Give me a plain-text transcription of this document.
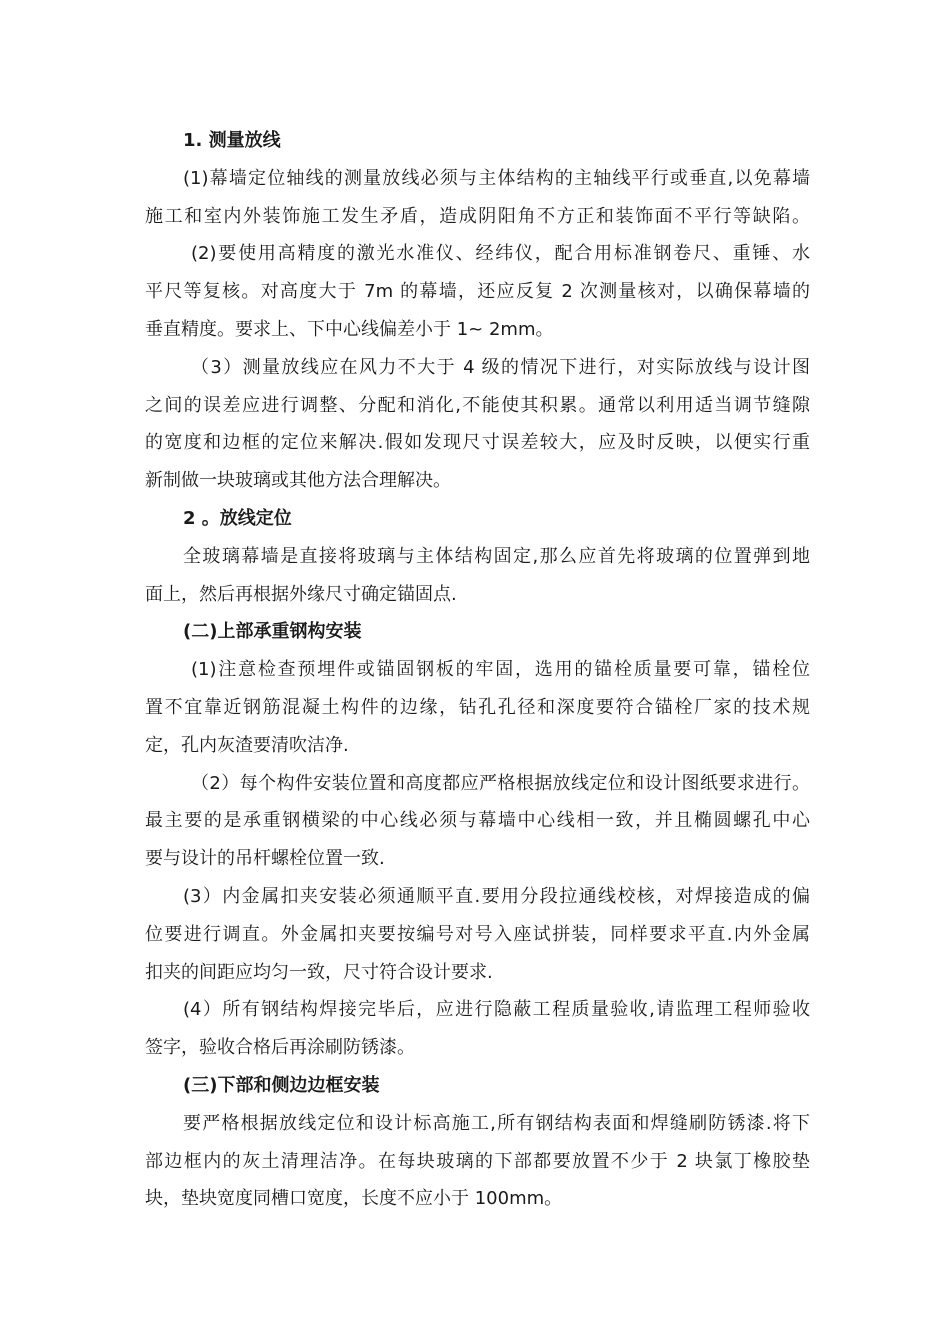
1. 测量放线
(1)幕墙定位轴线的测量放线必须与主体结构的主轴线平行或垂直,以免幕墙
施工和室内外装饰施工发生矛盾，造成阴阳角不方正和装饰面不平行等缺陷。
(2)要使用高精度的激光水准仪、经纬仪，配合用标准钢卷尺、重锤、水
平尺等复核。对高度大于 7m 的幕墙，还应反复 2 次测量核对，以确保幕墙的
垂直精度。要求上、下中心线偏差小于 1~ 2mm。
（3）测量放线应在风力不大于 4 级的情况下进行，对实际放线与设计图
之间的误差应进行调整、分配和消化,不能使其积累。通常以利用适当调节缝隙
的宽度和边框的定位来解决.假如发现尺寸误差较大，应及时反映，以便实行重
新制做一块玻璃或其他方法合理解决。
2 。放线定位
全玻璃幕墙是直接将玻璃与主体结构固定,那么应首先将玻璃的位置弹到地
面上，然后再根据外缘尺寸确定锚固点.
(二)上部承重钢构安装
(1)注意检查预埋件或锚固钢板的牢固，选用的锚栓质量要可靠，锚栓位
置不宜靠近钢筋混凝土构件的边缘，钻孔孔径和深度要符合锚栓厂家的技术规
定，孔内灰渣要清吹洁净.
（2）每个构件安装位置和高度都应严格根据放线定位和设计图纸要求进行。
最主要的是承重钢横梁的中心线必须与幕墙中心线相一致，并且椭圆螺孔中心
要与设计的吊杆螺栓位置一致.
(3）内金属扣夹安装必须通顺平直.要用分段拉通线校核，对焊接造成的偏
位要进行调直。外金属扣夹要按编号对号入座试拼装，同样要求平直.内外金属
扣夹的间距应均匀一致，尺寸符合设计要求.
(4）所有钢结构焊接完毕后，应进行隐蔽工程质量验收,请监理工程师验收
签字，验收合格后再涂刷防锈漆。
(三)下部和侧边边框安装
要严格根据放线定位和设计标高施工,所有钢结构表面和焊缝刷防锈漆.将下
部边框内的灰土清理洁净。在每块玻璃的下部都要放置不少于 2 块氯丁橡胶垫
块，垫块宽度同槽口宽度，长度不应小于 100mm。
